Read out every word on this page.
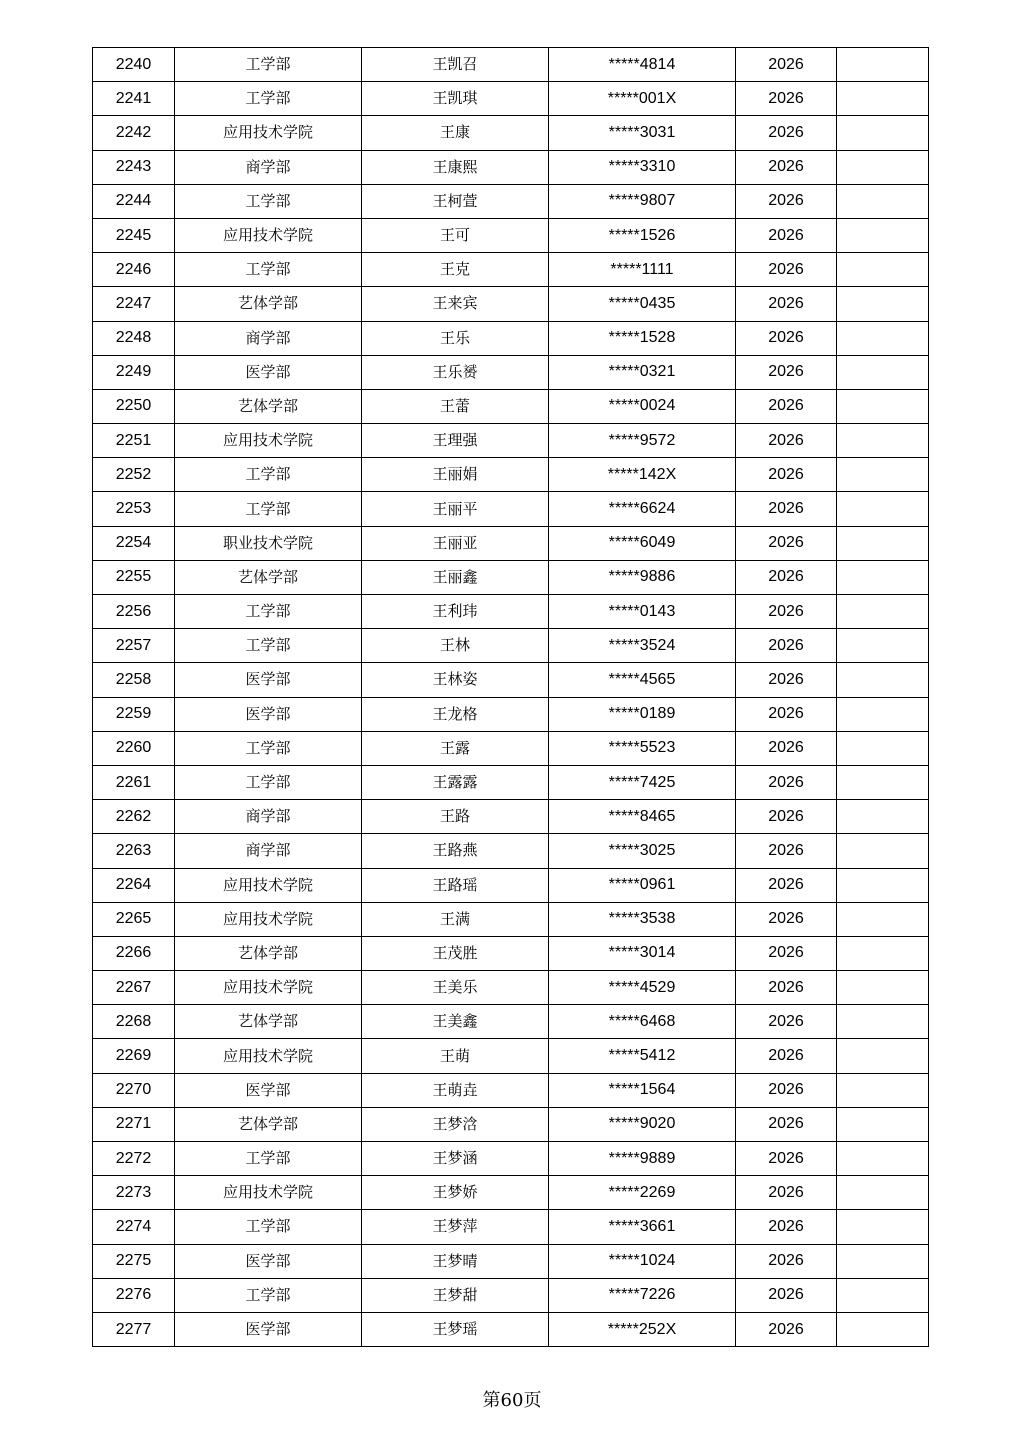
2240	工学部	王凯召	*****4814	2026	
2241	工学部	王凯琪	*****001X	2026	
2242	应用技术学院	王康	*****3031	2026	
2243	商学部	王康熙	*****3310	2026	
2244	工学部	王柯萱	*****9807	2026	
2245	应用技术学院	王可	*****1526	2026	
2246	工学部	王克	*****1111	2026	
2247	艺体学部	王来宾	*****0435	2026	
2248	商学部	王乐	*****1528	2026	
2249	医学部	王乐赟	*****0321	2026	
2250	艺体学部	王蕾	*****0024	2026	
2251	应用技术学院	王理强	*****9572	2026	
2252	工学部	王丽娟	*****142X	2026	
2253	工学部	王丽平	*****6624	2026	
2254	职业技术学院	王丽亚	*****6049	2026	
2255	艺体学部	王丽鑫	*****9886	2026	
2256	工学部	王利玮	*****0143	2026	
2257	工学部	王林	*****3524	2026	
2258	医学部	王林姿	*****4565	2026	
2259	医学部	王龙格	*****0189	2026	
2260	工学部	王露	*****5523	2026	
2261	工学部	王露露	*****7425	2026	
2262	商学部	王路	*****8465	2026	
2263	商学部	王路燕	*****3025	2026	
2264	应用技术学院	王路瑶	*****0961	2026	
2265	应用技术学院	王满	*****3538	2026	
2266	艺体学部	王茂胜	*****3014	2026	
2267	应用技术学院	王美乐	*****4529	2026	
2268	艺体学部	王美鑫	*****6468	2026	
2269	应用技术学院	王萌	*****5412	2026	
2270	医学部	王萌垚	*****1564	2026	
2271	艺体学部	王梦浛	*****9020	2026	
2272	工学部	王梦涵	*****9889	2026	
2273	应用技术学院	王梦娇	*****2269	2026	
2274	工学部	王梦萍	*****3661	2026	
2275	医学部	王梦晴	*****1024	2026	
2276	工学部	王梦甜	*****7226	2026	
2277	医学部	王梦瑶	*****252X	2026	
第60页
